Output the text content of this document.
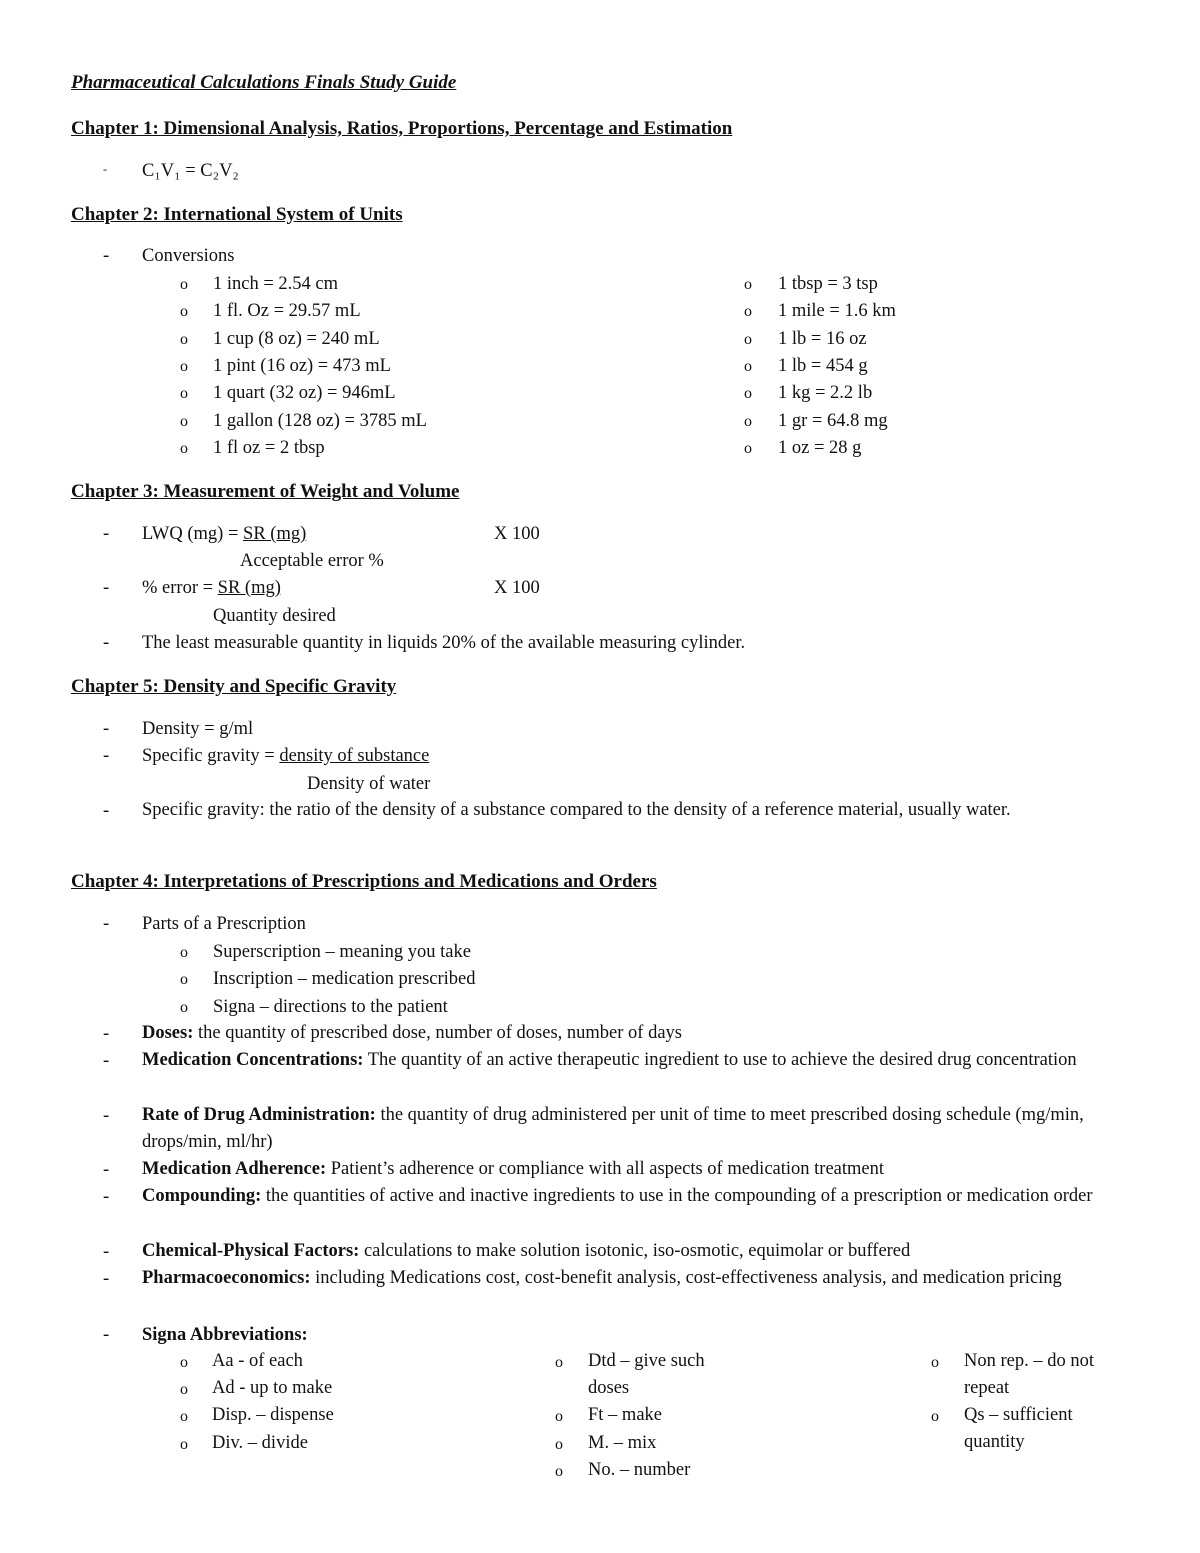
Pharmaceutical Calculations Finals Study Guide
Chapter 1: Dimensional Analysis, Ratios, Proportions, Percentage and Estimation
- C₁V₁ = C₂V₂
Chapter 2: International System of Units
- Conversions
o 1 inch = 2.54 cm
o 1 fl. Oz = 29.57 mL
o 1 cup (8 oz) = 240 mL
o 1 pint (16 oz) = 473 mL
o 1 quart (32 oz) = 946mL
o 1 gallon (128 oz) = 3785 mL
o 1 fl oz = 2 tbsp
o 1 tbsp = 3 tsp
o 1 mile = 1.6 km
o 1 lb = 16 oz
o 1 lb = 454 g
o 1 kg = 2.2 lb
o 1 gr = 64.8 mg
o 1 oz = 28 g
Chapter 3: Measurement of Weight and Volume
- LWQ (mg) = SR (mg)	X 100
Acceptable error %
- % error = SR (mg)	X 100
Quantity desired
- The least measurable quantity in liquids 20% of the available measuring cylinder.
Chapter 5: Density and Specific Gravity
- Density = g/ml
- Specific gravity = density of substance
Density of water
- Specific gravity: the ratio of the density of a substance compared to the density of a reference material, usually water.
Chapter 4: Interpretations of Prescriptions and Medications and Orders
- Parts of a Prescription
o Superscription – meaning you take
o Inscription – medication prescribed
o Signa – directions to the patient
- Doses: the quantity of prescribed dose, number of doses, number of days
- Medication Concentrations: The quantity of an active therapeutic ingredient to use to achieve the desired drug concentration
- Rate of Drug Administration: the quantity of drug administered per unit of time to meet prescribed dosing schedule (mg/min, drops/min, ml/hr)
- Medication Adherence: Patient’s adherence or compliance with all aspects of medication treatment
- Compounding: the quantities of active and inactive ingredients to use in the compounding of a prescription or medication order
- Chemical-Physical Factors: calculations to make solution isotonic, iso-osmotic, equimolar or buffered
- Pharmacoeconomics: including Medications cost, cost-benefit analysis, cost-effectiveness analysis, and medication pricing
- Signa Abbreviations:
o Aa - of each
o Ad - up to make
o Disp. – dispense
o Div. – divide
o Dtd – give such doses
o Ft – make
o M. – mix
o No. – number
o Non rep. – do not repeat
o Qs – sufficient quantity
